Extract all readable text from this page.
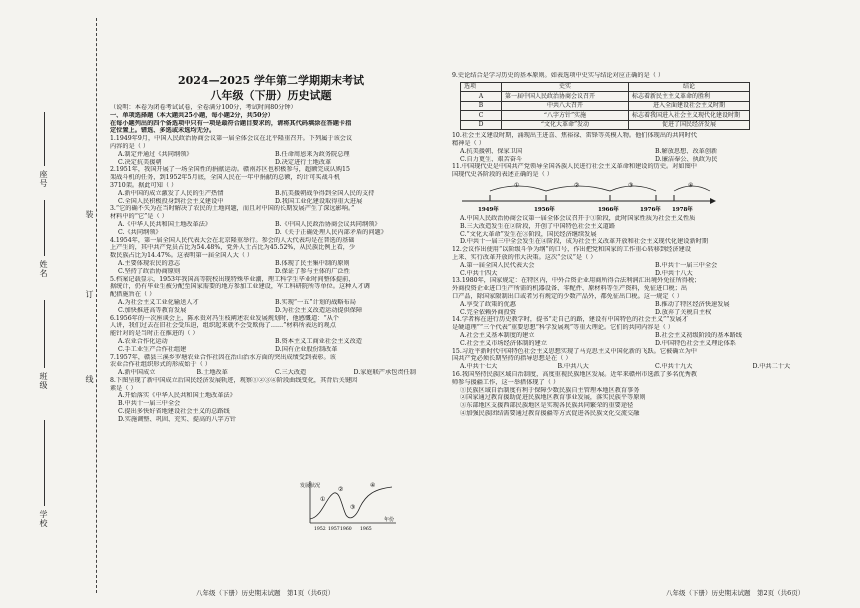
装
订
线
座号
姓名
班级
学校
2024—2025 学年第二学期期末考试
八年级（下册）历史试题

（说明：本卷为闭卷考试试卷，全卷满分100分，考试时间80分钟）

一、单项选择题（本大题共25小题，每小题2分，共50分）

在每小题列出的四个备选项中只有一项是最符合题目要求的，请将其代码填涂在答题卡指

定位置上。错选、多选或未选均无分。

1.1949年9月，中国人民政治协商会议第一届全体会议在北平隆重召开。下列属于该会议

内容的是（ ）

A.制定并通过《共同纲领》	B.任命周恩来为政务院总理
C.决定抗美援朝	D.决定进行土地改革

2.1951年，我国开展了一场全国性的捐献运动。赣南苏区也积极参与，超额完成认购15

架战斗机的任务，到1952年5月底，全国人民在一年中捐献的总额，约计可买战斗机

3710架。据此可知（ ）

A.新中国的成立激发了人民的生产热情	B.抗美援朝战争得到全国人民的支持
C.全国人民积极投身到社会主义建设中	D.我国工业化建设取得重大进展

3.“它的确不失为在当时解决了农民的土地问题，而且对中国的长期发展产生了深远影响。”

材料中的“它”是（ ）

A.《中华人民共和国土地改革法》	B.《中国人民政治协商会议共同纲领》
C.《共同纲领》	D.《关于正确处理人民内部矛盾的问题》

4.1954年，第一届全国人民代表大会在北京隆重举行。参会的人大代表均是在普选的基础

上产生的，其中共产党员占比为54.48%，党外人士占比为45.52%，从民族比例上看，少

数民族占比为14.47%。这表明第一届全国人大（ ）

A.主要体现农民的意志	B.体现了民主集中制的原则
C.坚持了政治协商原则	D.保证了参与主体的广泛性

5.档案记载显示，1953年我国高等院校出现特殊毕业潮，理工科学生毕业时间整体提前，

据统计，仍有毕业生被分配至国家需要的地方参加工业建设，军工科研院所等单位。这种人才调

配措施旨在（ ）

A.为社会主义工业化输送人才	B.实现“一五”计划的战略布局
C.加快推进高等教育发展	D.为社会主义改造运动提供保障

6.1956年的一次座谈会上，陈永贵对冯生枝阐述农业发展规划时，他感慨道：“从个

人讲，我们过去在旧社会受压迫，组织起来就不会受欺侮了……”材料所表达的观点

能针对的是当时正在推进的（ ）

A.农业合作化运动	B.资本主义工商业社会主义改造
C.手工业生产合作社组建	D.国有企业股份制改革

7.1957年，赣县三溪乡罗塘农业合作社因在治山治水方面的突出成绩受到表彰。该

农业合作社组织形式的形成始于（ ）

A.新中国成立	B.土地改革	C.三大改造	D.家庭联产承包责任制

8.下图呈现了新中国成立后国民经济发展轨迹，观察①②③④阶段曲线变化，其背后关键因

素是（ ）

A.开始落实《中华人民共和国土地改革法》

B.中共十一届三中全会

C.提出多快好省地建设社会主义的总路线

D.实施调整、巩固、充实、提高的八字方针

发展状况
年份
①
②
③
④
1952 1957 1960 1965

9.史论结合是学习历史的基本原则。如表选项中史实与结论对应正确的是（ ）

选项	史实	结论
A	第一届中国人民政治协商会议召开	标志着新民主主义革命的胜利
B	中共八大召开	进入全面建设社会主义时期
C	“八字方针”实施	标志着我国进入社会主义现代化建设时期
D	“文化大革命”发动	促进了国民经济发展

10.社会主义建设时期，涌现出王进喜、焦裕禄、雷锋等英模人物。他们体现出的共同时代

精神是（ ）

A.抗美援朝、保家卫国	B.解放思想、改革创新
C.自力更生、艰苦奋斗	D.廉洁奉公、执政为民

11.中国现代史是中国共产党领导全国各族人民进行社会主义革命和建设的历史。对如图中

国现代史各阶段的表述正确的是（ ）

①	②	③	④
1949年	1956年	1966年	1976年 1978年

A.中国人民政治协商会议第一届全体会议召开于①阶段，此时国家性质为社会主义性质

B.三大改造发生在②阶段，开创了中国特色社会主义道路

C.“文化大革命”发生在③阶段，国民经济继续发展

D.中共十一届三中全会发生在④阶段，成为社会主义改革开放和社会主义现代化建设新时期

12.会议作出使用“以阶级斗争为纲”的口号，作出把党和国家的工作重心转移到经济建设

上来、实行改革开放的伟大决策。这次“会议”是（ ）

A.第一届全国人民代表大会	B.中共十一届三中全会
C.中共十四大	D.中共十八大

13.1980年，国家规定：在特区内，中外合资企业用商所得合法利润汇出境外免征所得税；

外商投资企业进口生产所需的机器设备、零配件、原材料等生产资料，免征进口税；出

口产品，除国家限制出口或者另有规定的少数产品外，都免征出口税。这一规定（ ）

A.享受了政策的优惠	B.推动了特区经济快速发展
C.完全依赖外商投资	D.放弃了关税自主权

14.学者称在进行历史教学时，提书“走自己的路，建设有中国特色的社会主义”“发展才

是硬道理”“三个代表”重要思想“科学发展观”等重大理论。它们的共同内容是（ ）

A.社会主义基本制度的建立	B.社会主义初级阶段的基本路线
C.社会主义市场经济体制的建立	D.中国特色社会主义理论体系

15.习近平新时代中国特色社会主义思想实现了马克思主义中国化新的飞跃。它被确立为中

国共产党必须长期坚持的指导思想是在（ ）

A.中共十七大	B.中共八大	C.中共十九大	D.中共二十大

16.我国坚持民族区域自治制度，高度重视民族地区发展。近年来赣州市选派了多名优秀教

师参与援疆工作，这一举措体现了（ ）

①民族区域自治制度有利于保障少数民族自主管理本地区教育事务

②国家通过教育援助促进民族地区教育事业发展，落实民族平等原则

③东部地区支援西部民族地区是实现各民族共同繁荣的重要途径

④加强民族团结需要通过教育援疆等方式促进各民族文化交流交融

八年级（下册）历史期末试题　第1页（共6页）	八年级（下册）历史期末试题　第2页（共6页）
